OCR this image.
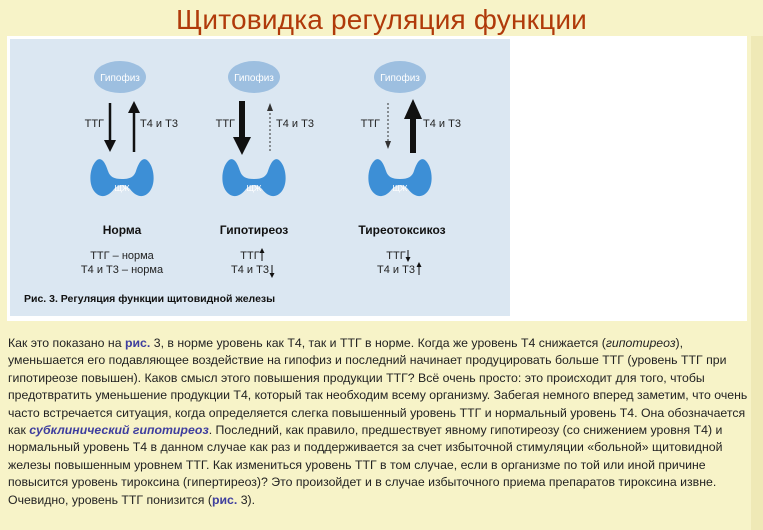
Щитовидка регуляция функции
Гипофиз
ТТГ	Т4 и Т3
ЩЖ
Норма
ТТГ – норма
Т4 и Т3 – норма
Гипофиз
ТТГ	Т4 и Т3
ЩЖ
Гипотиреоз
ТТГ
Т4 и Т3
Гипофиз
ТТГ	Т4 и Т3
ЩЖ
Тиреотоксикоз
ТТГ
Т4 и Т3
Рис. 3. Регуляция функции щитовидной железы

Как это показано на рис. 3, в норме уровень как Т4, так и ТТГ в норме. Когда же уровень Т4 снижается (гипотиреоз), уменьшается его подавляющее воздействие на гипофиз и последний начинает продуцировать больше ТТГ (уровень ТТГ при гипотиреозе повышен). Каков смысл этого повышения продукции ТТГ? Всё очень просто: это происходит для того, чтобы предотвратить уменьшение продукции Т4, который так необходим всему организму. Забегая немного вперед заметим, что очень часто встречается ситуация, когда определяется слегка повышенный уровень ТТГ и нормальный уровень Т4. Она обозначается как субклинический гипотиреоз. Последний, как правило, предшествует явному гипотиреозу (со снижением уровня Т4) и нормальный уровень Т4 в данном случае как раз и поддерживается за счет избыточной стимуляции «больной» щитовидной железы повышенным уровнем ТТГ. Как измениться уровень ТТГ в том случае, если в организме по той или иной причине повысится уровень тироксина (гипертиреоз)? Это произойдет и в случае избыточного приема препаратов тироксина извне. Очевидно, уровень ТТГ понизится (рис. 3).
